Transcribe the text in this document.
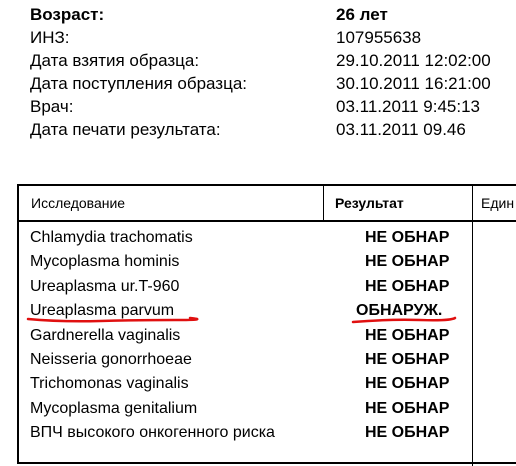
Возраст:	26 лет
ИНЗ:	107955638
Дата взятия образца:	29.10.2011 12:02:00
Дата поступления образца:	30.10.2011 16:21:00
Врач:	03.11.2011 9:45:13
Дата печати результата:	03.11.2011 09.46
Исследование	Результат	Един
Chlamydia trachomatis	НЕ ОБНАР
Mycoplasma hominis	НЕ ОБНАР
Ureaplasma ur.T-960	НЕ ОБНАР
Ureaplasma parvum	ОБНАРУЖ.
Gardnerella vaginalis	НЕ ОБНАР
Neisseria gonorrhoeae	НЕ ОБНАР
Trichomonas vaginalis	НЕ ОБНАР
Mycoplasma genitalium	НЕ ОБНАР
ВПЧ высокого онкогенного риска	НЕ ОБНАР
